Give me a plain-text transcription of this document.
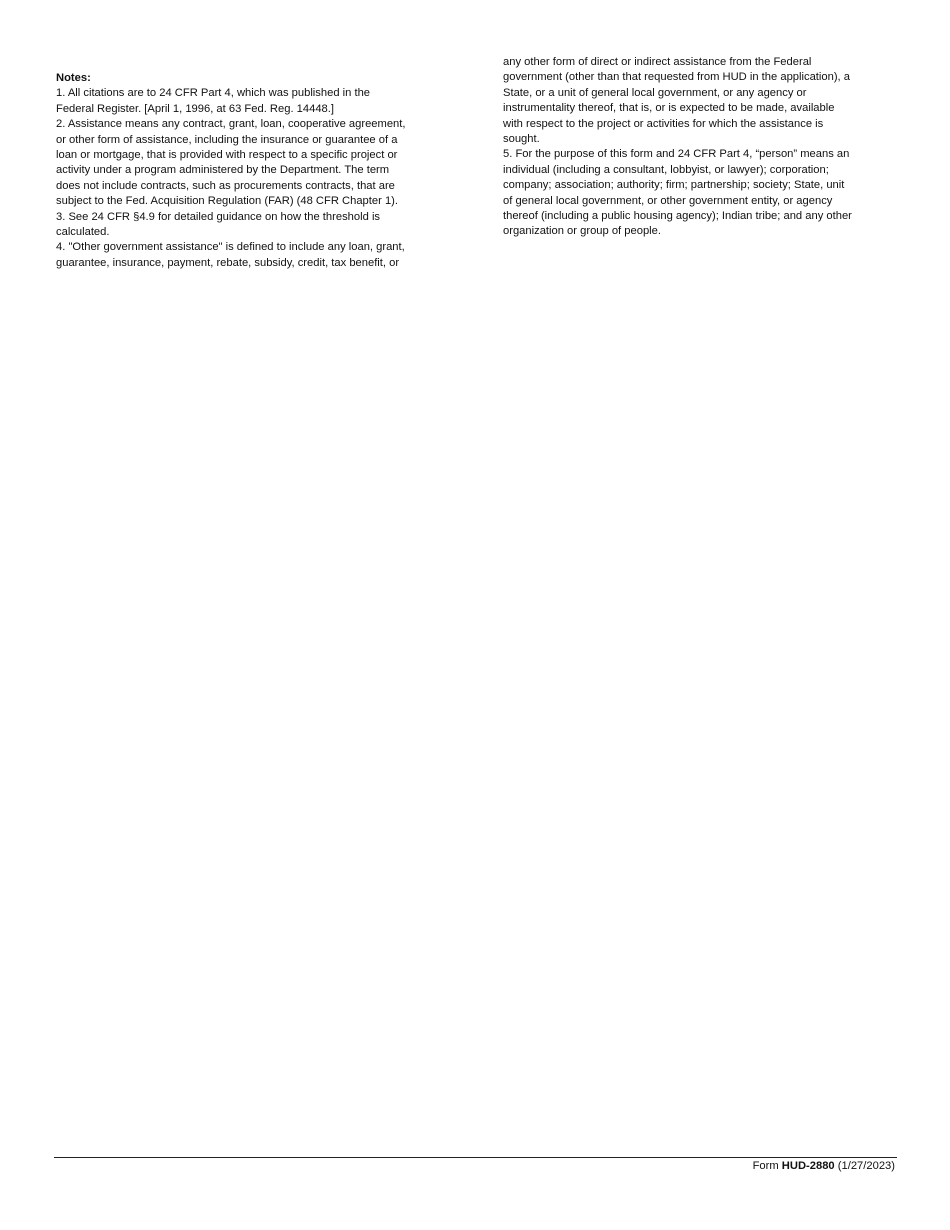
Notes:
1. All citations are to 24 CFR Part 4, which was published in the
Federal Register. [April 1, 1996, at 63 Fed. Reg. 14448.]
2. Assistance means any contract, grant, loan, cooperative agreement,
or other form of assistance, including the insurance or guarantee of a
loan or mortgage, that is provided with respect to a specific project or
activity under a program administered by the Department. The term
does not include contracts, such as procurements contracts, that are
subject to the Fed. Acquisition Regulation (FAR) (48 CFR Chapter 1).
3. See 24 CFR §4.9 for detailed guidance on how the threshold is
calculated.
4. "Other government assistance" is defined to include any loan, grant,
guarantee, insurance, payment, rebate, subsidy, credit, tax benefit, or
any other form of direct or indirect assistance from the Federal
government (other than that requested from HUD in the application), a
State, or a unit of general local government, or any agency or
instrumentality thereof, that is, or is expected to be made, available
with respect to the project or activities for which the assistance is
sought.
5. For the purpose of this form and 24 CFR Part 4, “person” means an
individual (including a consultant, lobbyist, or lawyer); corporation;
company; association; authority; firm; partnership; society; State, unit
of general local government, or other government entity, or agency
thereof (including a public housing agency); Indian tribe; and any other
organization or group of people.
Form HUD-2880 (1/27/2023)
